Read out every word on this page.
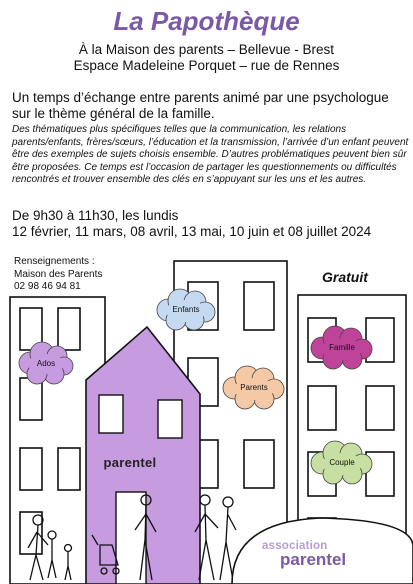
La Papothèque
À la Maison des parents – Bellevue - Brest
Espace Madeleine Porquet – rue de Rennes
Un temps d’échange entre parents animé par une psychologue sur le thème général de la famille.
Des thématiques plus spécifiques telles que la communication, les relations parents/enfants, frères/sœurs, l’éducation et la transmission, l’arrivée d’un enfant peuvent être des exemples de sujets choisis ensemble. D’autres problématiques peuvent bien sûr être proposées. Ce temps est l’occasion de partager les questionnements ou difficultés rencontrés et trouver ensemble des clés en s’appuyant sur les uns et les autres.
De 9h30 à 11h30, les lundis
12 février, 11 mars, 08 avril, 13 mai, 10 juin et 08 juillet 2024
Renseignements :
Maison des Parents
02 98 46 94 81
Gratuit
Enfants
Ados
Famille
Parents
Couple
parentel
association
parentel
